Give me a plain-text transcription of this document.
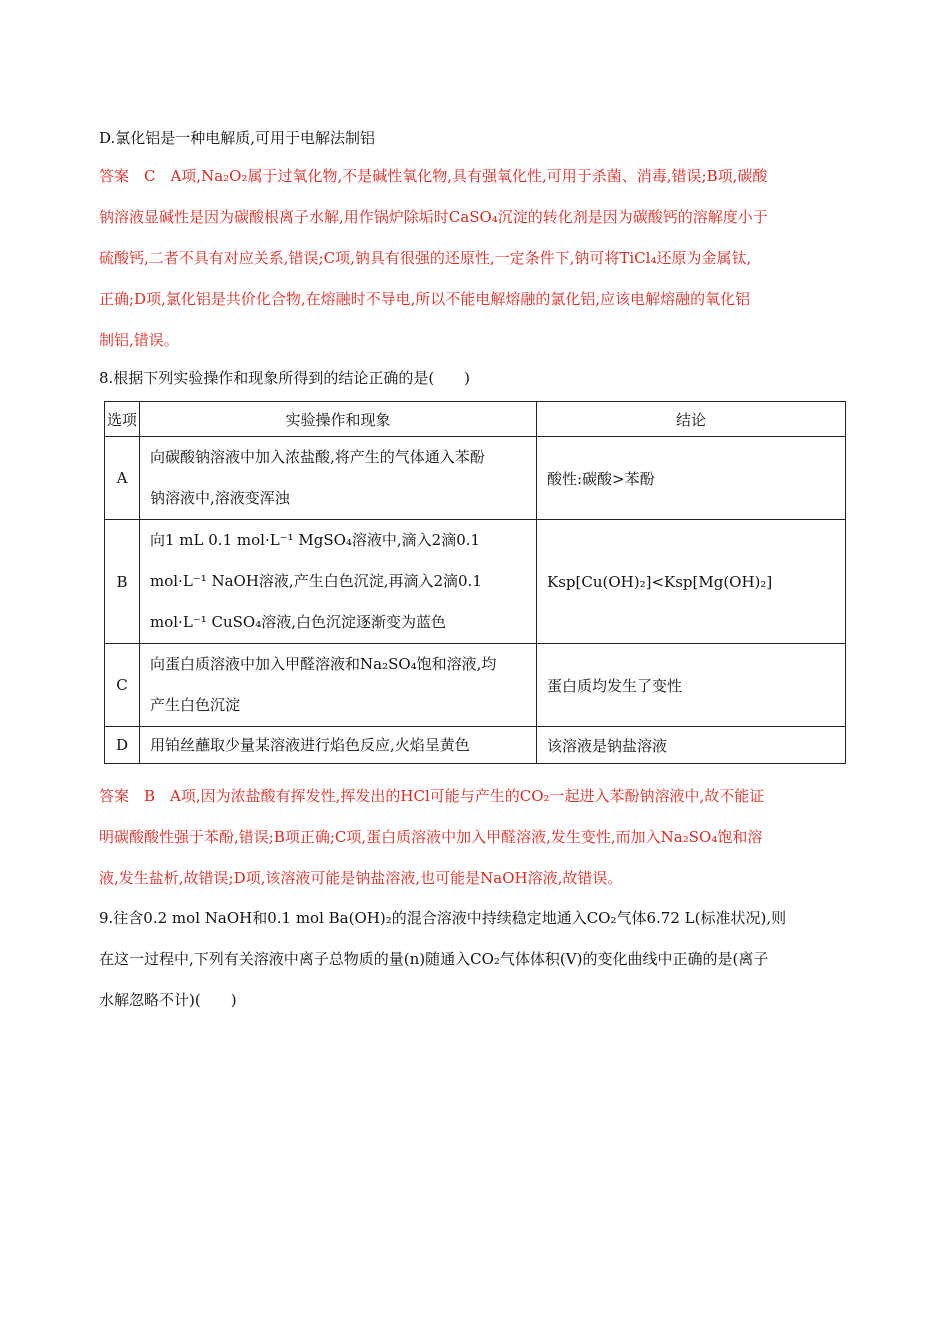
D.氯化铝是一种电解质,可用于电解法制铝
答案　C　A项,Na₂O₂属于过氧化物,不是碱性氧化物,具有强氧化性,可用于杀菌、消毒,错误;B项,碳酸
钠溶液显碱性是因为碳酸根离子水解,用作锅炉除垢时CaSO₄沉淀的转化剂是因为碳酸钙的溶解度小于
硫酸钙,二者不具有对应关系,错误;C项,钠具有很强的还原性,一定条件下,钠可将TiCl₄还原为金属钛,
正确;D项,氯化铝是共价化合物,在熔融时不导电,所以不能电解熔融的氯化铝,应该电解熔融的氧化铝
制铝,错误。
8.根据下列实验操作和现象所得到的结论正确的是(　　)
选项	实验操作和现象	结论
A	向碳酸钠溶液中加入浓盐酸,将产生的气体通入苯酚
钠溶液中,溶液变浑浊	酸性:碳酸>苯酚
B	向1 mL 0.1 mol·L⁻¹ MgSO₄溶液中,滴入2滴0.1
mol·L⁻¹ NaOH溶液,产生白色沉淀,再滴入2滴0.1
mol·L⁻¹ CuSO₄溶液,白色沉淀逐渐变为蓝色	Ksp[Cu(OH)₂]<Ksp[Mg(OH)₂]
C	向蛋白质溶液中加入甲醛溶液和Na₂SO₄饱和溶液,均
产生白色沉淀	蛋白质均发生了变性
D	用铂丝蘸取少量某溶液进行焰色反应,火焰呈黄色	该溶液是钠盐溶液
答案　B　A项,因为浓盐酸有挥发性,挥发出的HCl可能与产生的CO₂一起进入苯酚钠溶液中,故不能证
明碳酸酸性强于苯酚,错误;B项正确;C项,蛋白质溶液中加入甲醛溶液,发生变性,而加入Na₂SO₄饱和溶
液,发生盐析,故错误;D项,该溶液可能是钠盐溶液,也可能是NaOH溶液,故错误。
9.往含0.2 mol NaOH和0.1 mol Ba(OH)₂的混合溶液中持续稳定地通入CO₂气体6.72 L(标准状况),则
在这一过程中,下列有关溶液中离子总物质的量(n)随通入CO₂气体体积(V)的变化曲线中正确的是(离子
水解忽略不计)(　　)
